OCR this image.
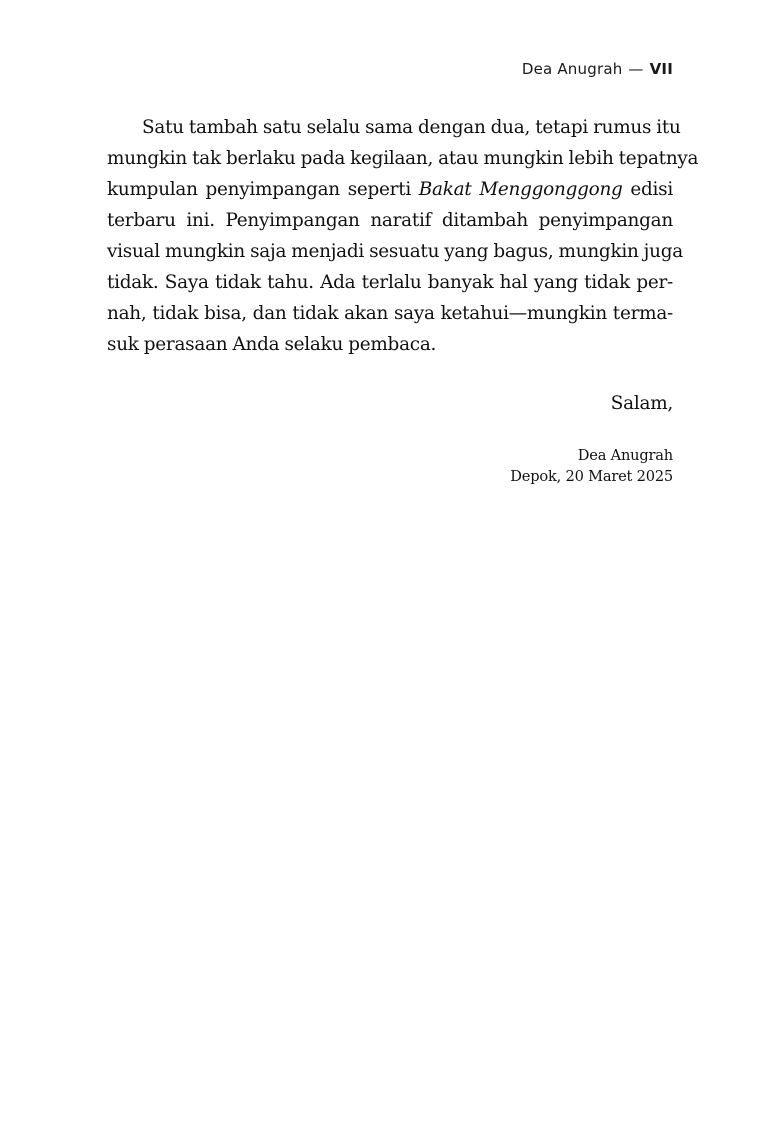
Dea Anugrah — VII

Satu tambah satu selalu sama dengan dua, tetapi rumus itu
mungkin tak berlaku pada kegilaan, atau mungkin lebih tepatnya
kumpulan penyimpangan seperti Bakat Menggonggong edisi
terbaru ini. Penyimpangan naratif ditambah penyimpangan
visual mungkin saja menjadi sesuatu yang bagus, mungkin juga
tidak. Saya tidak tahu. Ada terlalu banyak hal yang tidak per-
nah, tidak bisa, dan tidak akan saya ketahui—mungkin terma-
suk perasaan Anda selaku pembaca.

Salam,
Dea Anugrah
Depok, 20 Maret 2025
